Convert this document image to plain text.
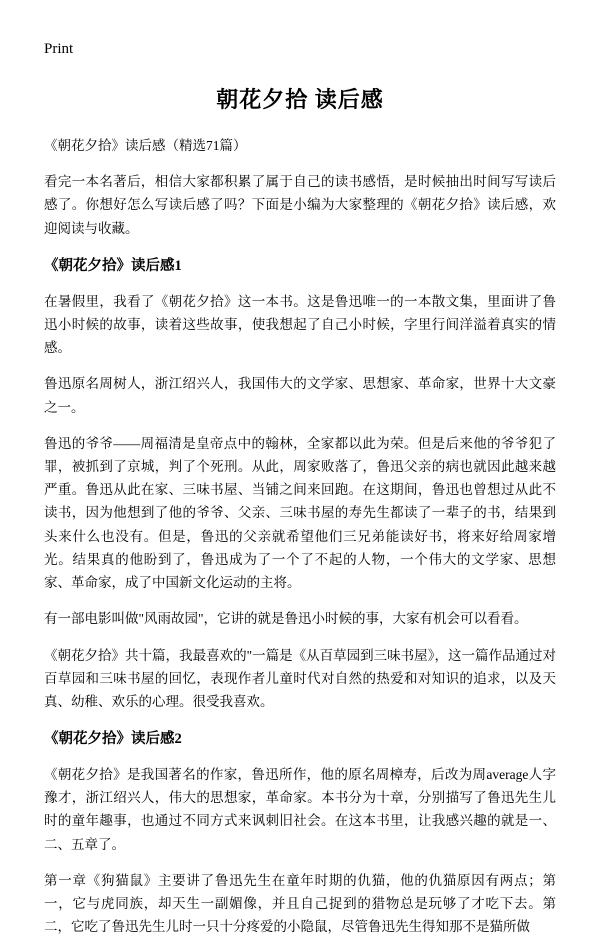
Print
朝花夕拾 读后感
《朝花夕拾》读后感（精选71篇）

看完一本名著后，相信大家都积累了属于自己的读书感悟，是时候抽出时间写写读后感了。你想好怎么写读后感了吗？下面是小编为大家整理的《朝花夕拾》读后感，欢迎阅读与收藏。

《朝花夕拾》读后感1

在暑假里，我看了《朝花夕拾》这一本书。这是鲁迅唯一的一本散文集，里面讲了鲁迅小时候的故事，读着这些故事，使我想起了自己小时候，字里行间洋溢着真实的情感。

鲁迅原名周树人，浙江绍兴人，我国伟大的文学家、思想家、革命家，世界十大文豪之一。

鲁迅的爷爷——周福清是皇帝点中的翰林，全家都以此为荣。但是后来他的爷爷犯了罪，被抓到了京城，判了个死刑。从此，周家败落了，鲁迅父亲的病也就因此越来越严重。鲁迅从此在家、三味书屋、当铺之间来回跑。在这期间，鲁迅也曾想过从此不读书，因为他想到了他的爷爷、父亲、三味书屋的寿先生都读了一辈子的书，结果到头来什么也没有。但是，鲁迅的父亲就希望他们三兄弟能读好书，将来好给周家增光。结果真的他盼到了，鲁迅成为了一个了不起的人物，一个伟大的文学家、思想家、革命家，成了中国新文化运动的主将。

有一部电影叫做"风雨故园"，它讲的就是鲁迅小时候的事，大家有机会可以看看。

《朝花夕拾》共十篇，我最喜欢的"一篇是《从百草园到三味书屋》，这一篇作品通过对百草园和三味书屋的回忆，表现作者儿童时代对自然的热爱和对知识的追求，以及天真、幼稚、欢乐的心理。很受我喜欢。

《朝花夕拾》读后感2

《朝花夕拾》是我国著名的作家，鲁迅所作，他的原名周樟寿，后改为周average人字豫才，浙江绍兴人，伟大的思想家，革命家。本书分为十章，分别描写了鲁迅先生儿时的童年趣事，也通过不同方式来讽刺旧社会。在这本书里，让我感兴趣的就是一、二、五章了。

第一章《狗猫鼠》主要讲了鲁迅先生在童年时期的仇猫，他的仇猫原因有两点；第一，它与虎同族，却天生一副媚像，并且自己捉到的猎物总是玩够了才吃下去。第二，它吃了鲁迅先生儿时一只十分疼爱的小隐鼠，尽管鲁迅先生得知那不是猫所做
